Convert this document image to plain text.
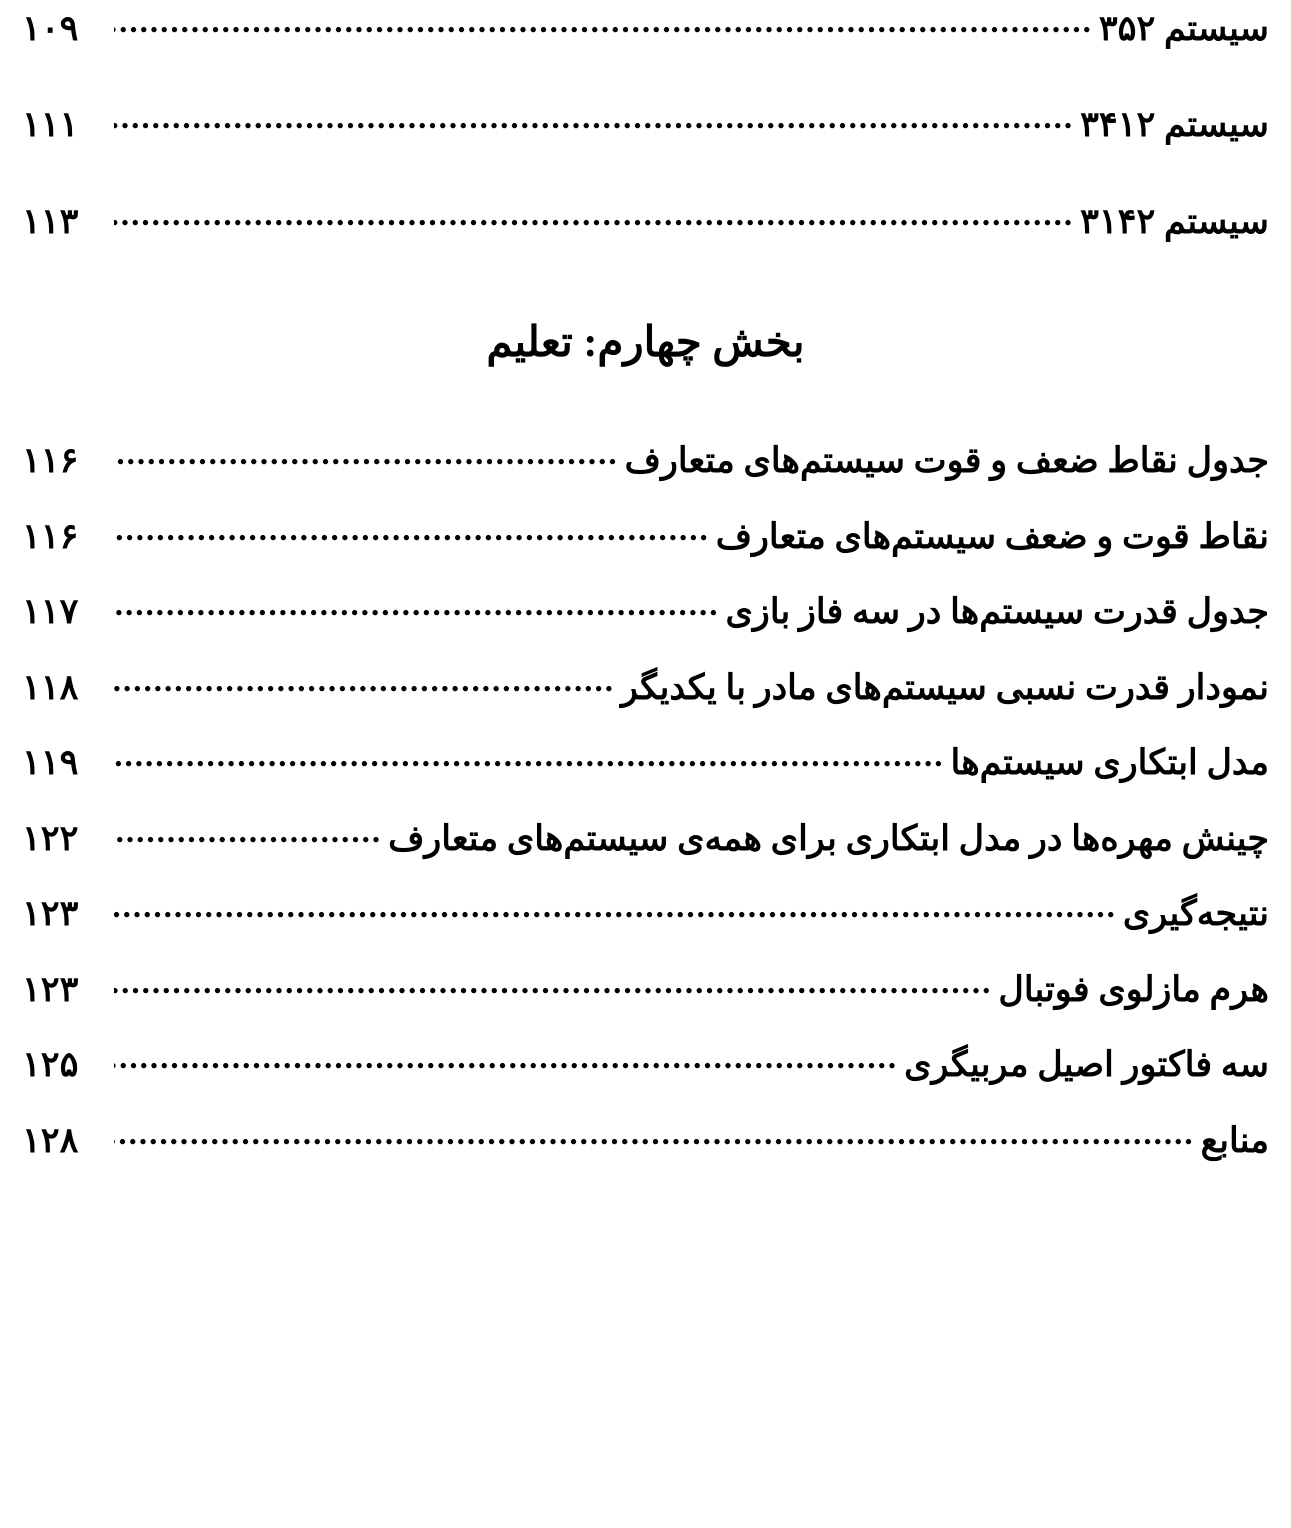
سیستم ۳۵۲
.....
۱۰۹
سیستم ۳۴۱۲
.....
۱۱۱
سیستم ۳۱۴۲
.....
۱۱۳
بخش چهارم: تعلیم
جدول نقاط ضعف و قوت سیستم‌های متعارف
.....
۱۱۶
نقاط قوت و ضعف سیستم‌های متعارف
.....
۱۱۶
جدول قدرت سیستم‌ها در سه فاز بازی
.....
۱۱۷
نمودار قدرت نسبی سیستم‌های مادر با یکدیگر
.....
۱۱۸
مدل ابتکاری سیستم‌ها
.....
۱۱۹
چینش مهره‌ها در مدل ابتکاری برای همه‌ی سیستم‌های متعارف
.....
۱۲۲
نتیجه‌گیری
.....
۱۲۳
هرم مازلوی فوتبال
.....
۱۲۳
سه فاکتور اصیل مربیگری
.....
۱۲۵
منابع
.....
۱۲۸
